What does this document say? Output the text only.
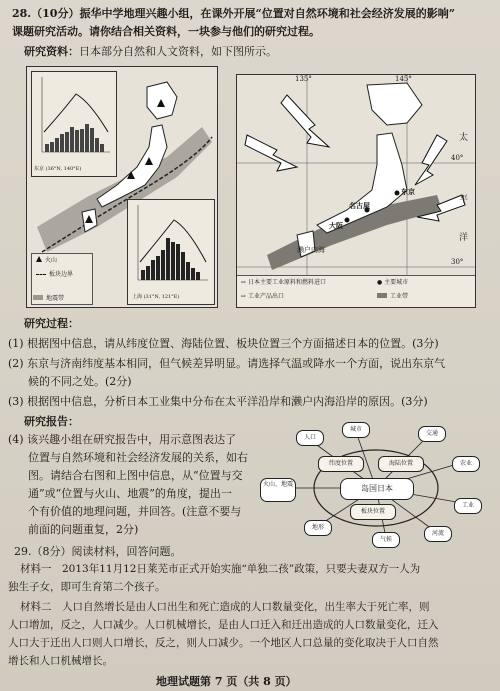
28.（10分）振华中学地理兴趣小组，在课外开展“位置对自然环境和社会经济发展的影响”
课题研究活动。请你结合相关资料，一块参与他们的研究过程。
研究资料：日本部分自然和人文资料，如下图所示。
东京 (36°N, 140°E)
火山
板块边界
上海 (31°N, 121°E)
地震带
135°	145°
40°
30°
太
平
洋
东京
名古屋
大阪
濑户内海
⇨ 日本主要工业原料和燃料进口
⇨ 工业产品出口
● 主要城市
工业带
研究过程：
(1) 根据图中信息，请从纬度位置、海陆位置、板块位置三个方面描述日本的位置。(3分)
(2) 东京与济南纬度基本相同，但气候差异明显。请选择气温或降水一个方面，说出东京气
候的不同之处。(2分)
(3) 根据图中信息，分析日本工业集中分布在太平洋沿岸和濑户内海沿岸的原因。(3分)
研究报告：
(4) 该兴趣小组在研究报告中，用示意图表达了
位置与自然环境和社会经济发展的关系，如右
图。请结合右图和上图中信息，从“位置与交
通”或“位置与火山、地震”的角度，提出一
个有价值的地理问题，并回答。(注意不要与
前面的问题重复，2分)
岛国日本
海陆位置
纬度位置
板块位置
人口
城市
交通
农业
工业
河流
气候
地形
火山、地震
29.（8分）阅读材料，回答问题。
材料一　2013年11月12日莱芜市正式开始实施“单独二孩”政策，只要夫妻双方一人为
独生子女，即可生育第二个孩子。
材料二　人口自然增长是由人口出生和死亡造成的人口数量变化，出生率大于死亡率，则
人口增加，反之，人口减少。人口机械增长，是由人口迁入和迁出造成的人口数量变化，迁入
人口大于迁出人口则人口增长，反之，则人口减少。一个地区人口总量的变化取决于人口自然
增长和人口机械增长。
地理试题第 7 页（共 8 页）
